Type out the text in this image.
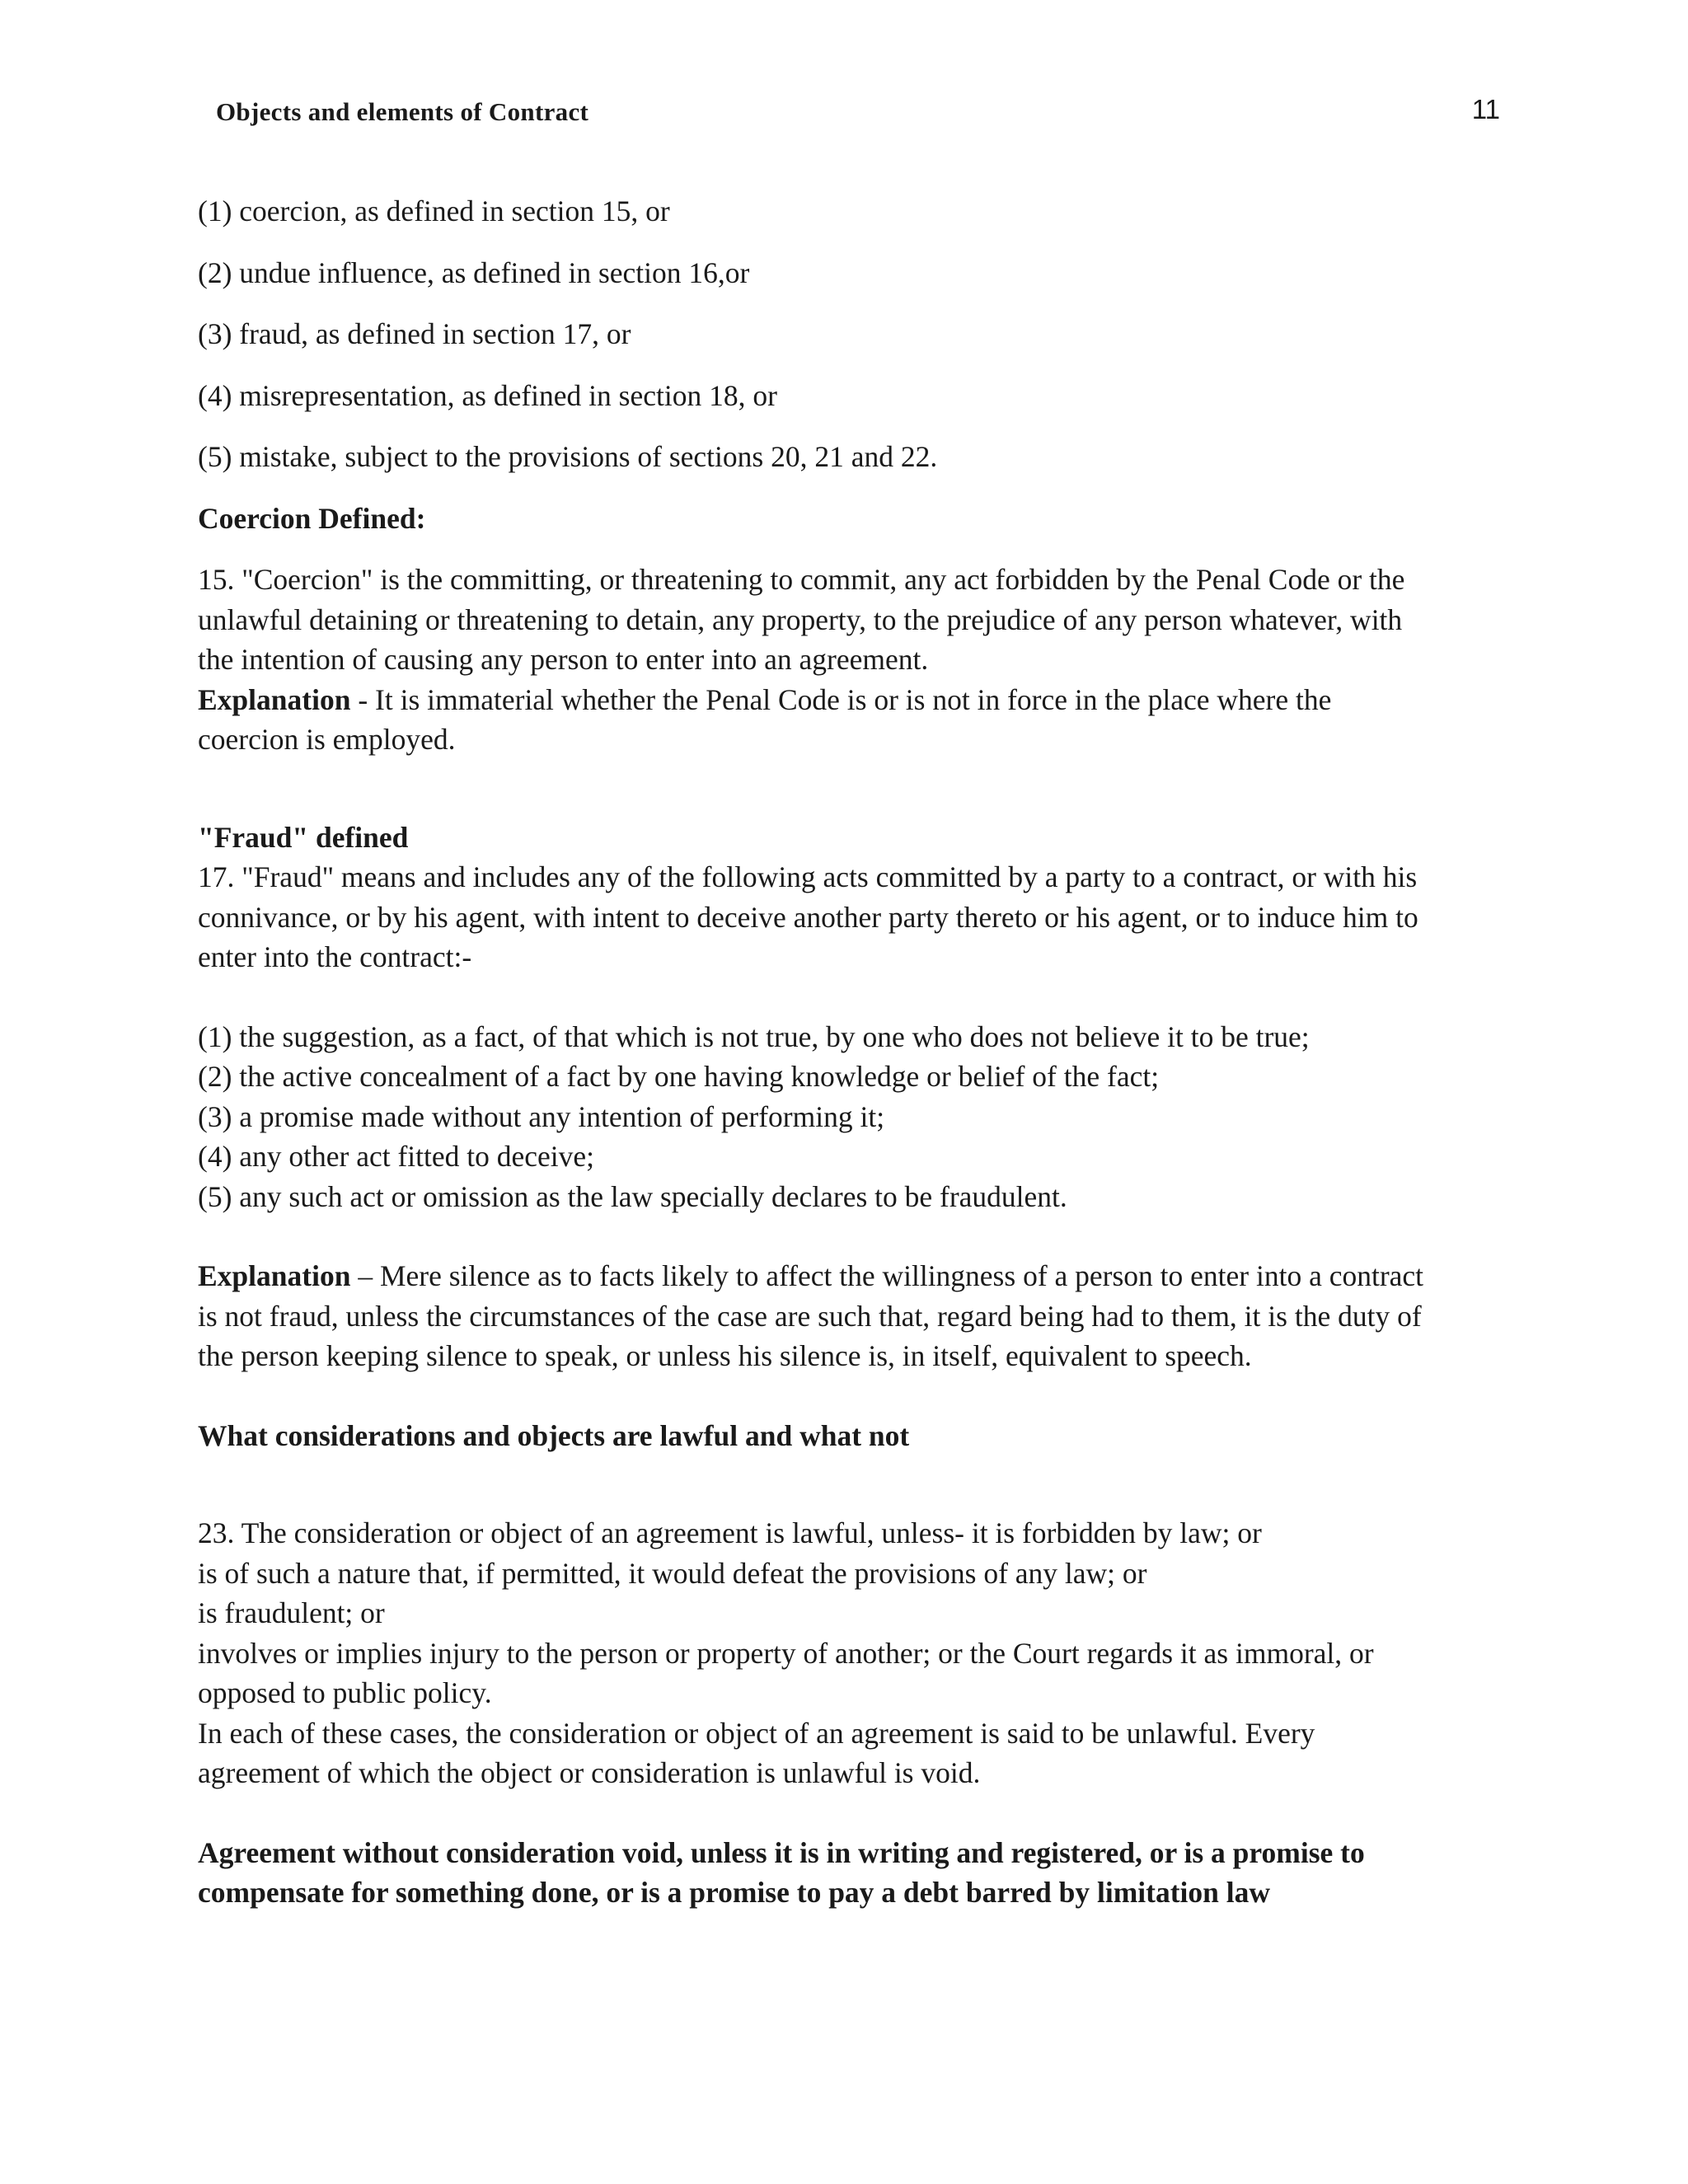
Objects and elements of Contract	11

(1) coercion, as defined in section 15, or

(2) undue influence, as defined in section 16,or

(3) fraud, as defined in section 17, or

(4) misrepresentation, as defined in section 18, or

(5) mistake, subject to the provisions of sections 20, 21 and 22.

Coercion Defined:

15. "Coercion" is the committing, or threatening to commit, any act forbidden by the Penal Code or the

unlawful detaining or threatening to detain, any property, to the prejudice of any person whatever, with

the intention of causing any person to enter into an agreement.

Explanation - It is immaterial whether the Penal Code is or is not in force in the place where the

coercion is employed.

"Fraud" defined

17. "Fraud" means and includes any of the following acts committed by a party to a contract, or with his

connivance, or by his agent, with intent to deceive another party thereto or his agent, or to induce him to

enter into the contract:-

(1) the suggestion, as a fact, of that which is not true, by one who does not believe it to be true;

(2) the active concealment of a fact by one having knowledge or belief of the fact;

(3) a promise made without any intention of performing it;

(4) any other act fitted to deceive;

(5) any such act or omission as the law specially declares to be fraudulent.

Explanation – Mere silence as to facts likely to affect the willingness of a person to enter into a contract

is not fraud, unless the circumstances of the case are such that, regard being had to them, it is the duty of

the person keeping silence to speak, or unless his silence is, in itself, equivalent to speech.

What considerations and objects are lawful and what not

23. The consideration or object of an agreement is lawful, unless- it is forbidden by law; or

is of such a nature that, if permitted, it would defeat the provisions of any law; or

is fraudulent; or

involves or implies injury to the person or property of another; or the Court regards it as immoral, or

opposed to public policy.

In each of these cases, the consideration or object of an agreement is said to be unlawful. Every

agreement of which the object or consideration is unlawful is void.

Agreement without consideration void, unless it is in writing and registered, or is a promise to

compensate for something done, or is a promise to pay a debt barred by limitation law
